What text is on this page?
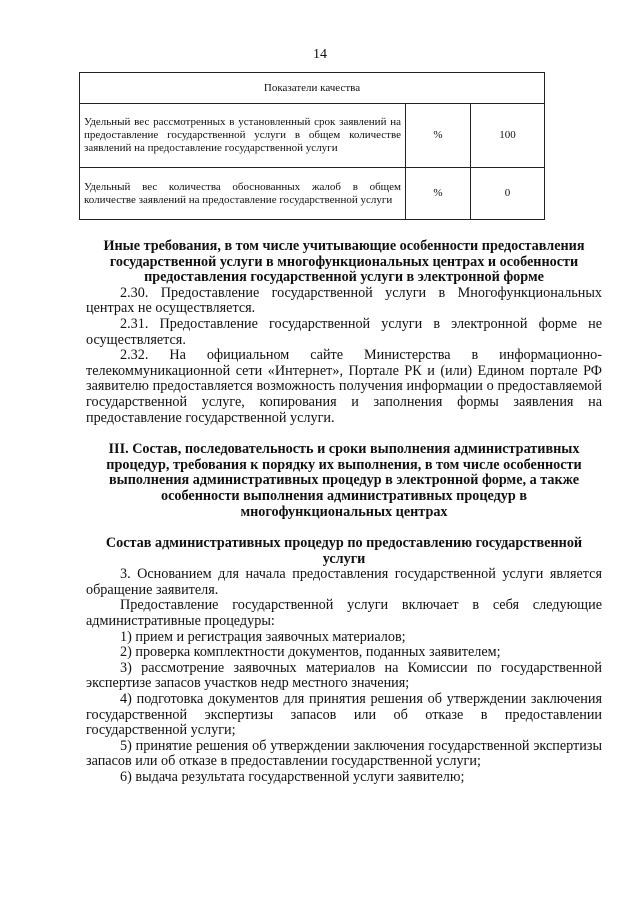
14
Показатели качества		
Удельный вес рассмотренных в установленный срок заявлений на предоставление государственной услуги в общем количестве заявлений на предоставление государственной услуги	%	100
Удельный вес количества обоснованных жалоб в общем количестве заявлений на предоставление государственной услуги	%	0

Иные требования, в том числе учитывающие особенности предоставления государственной услуги в многофункциональных центрах и особенности предоставления государственной услуги в электронной форме

2.30. Предоставление государственной услуги в Многофункциональных центрах не осуществляется.

2.31. Предоставление государственной услуги в электронной форме не осуществляется.

2.32. На официальном сайте Министерства в информационно-телекоммуникационной сети «Интернет», Портале РК и (или) Едином портале РФ заявителю предоставляется возможность получения информации о предоставляемой государственной услуге, копирования и заполнения формы заявления на предоставление государственной услуги.

III. Состав, последовательность и сроки выполнения административных процедур, требования к порядку их выполнения, в том числе особенности выполнения административных процедур в электронной форме, а также особенности выполнения административных процедур в многофункциональных центрах

Состав административных процедур по предоставлению государственной услуги

3. Основанием для начала предоставления государственной услуги является обращение заявителя.

Предоставление государственной услуги включает в себя следующие административные процедуры:

1) прием и регистрация заявочных материалов;

2) проверка комплектности документов, поданных заявителем;

3) рассмотрение заявочных материалов на Комиссии по государственной экспертизе запасов участков недр местного значения;

4) подготовка документов для принятия решения об утверждении заключения государственной экспертизы запасов или об отказе в предоставлении государственной услуги;

5) принятие решения об утверждении заключения государственной экспертизы запасов или об отказе в предоставлении государственной услуги;

6) выдача результата государственной услуги заявителю;
